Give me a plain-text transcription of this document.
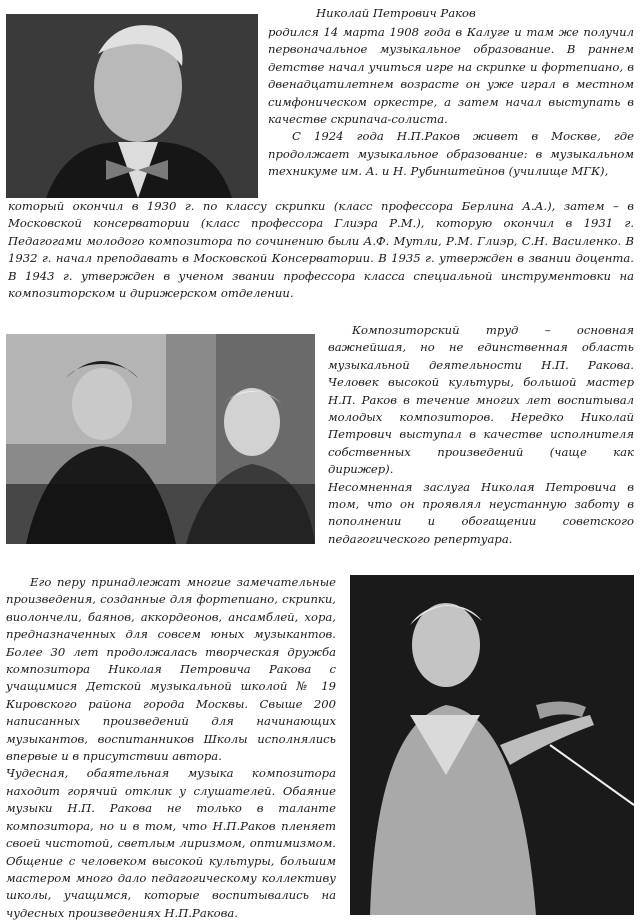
Николай Петрович Раков

родился 14 марта 1908 года в Калуге и там же получил первоначальное музыкальное образование. В раннем детстве начал учиться игре на скрипке и фортепиано, в двенадцатилетнем возрасте он уже играл в местном симфоническом оркестре, а затем начал выступать в качестве скрипача-солиста.

С 1924 года Н.П.Раков живет в Москве, где продолжает музыкальное образование: в музыкальном техникуме им. А. и Н. Рубинштейнов (училище МГК),

который окончил в 1930 г. по классу скрипки (класс профессора Берлина А.А.), затем – в Московской консерватории (класс профессора Глиэра Р.М.), которую окончил в 1931 г. Педагогами молодого композитора по сочинению были А.Ф. Мутли, Р.М. Глиэр, С.Н. Василенко. В 1932 г. начал преподавать в Московской Консерватории. В 1935 г. утвержден в звании доцента. В 1943 г. утвержден в ученом звании профессора класса специальной инструментовки на композиторском и дирижерском отделении.

Композиторский труд – основная важнейшая, но не единственная область музыкальной деятельности Н.П. Ракова. Человек высокой культуры, большой мастер Н.П. Раков в течение многих лет воспитывал молодых композиторов. Нередко Николай Петрович выступал в качестве исполнителя собственных произведений (чаще как дирижер).

Несомненная заслуга Николая Петровича в том, что он проявлял неустанную заботу в пополнении и обогащении советского педагогического репертуара.

Его перу принадлежат многие замечательные произведения, созданные для фортепиано, скрипки, виолончели, баянов, аккордеонов, ансамблей, хора, предназначенных для совсем юных музыкантов. Более 30 лет продолжалась творческая дружба композитора Николая Петровича Ракова с учащимися Детской музыкальной школой № 19 Кировского района города Москвы. Свыше 200 написанных произведений для начинающих музыкантов, воспитанников Школы исполнялись впервые и в присутствии автора.

Чудесная, обаятельная музыка композитора находит горячий отклик у слушателей. Обаяние музыки Н.П. Ракова не только в таланте композитора, но и в том, что Н.П.Раков пленяет своей чистотой, светлым лиризмом, оптимизмом. Общение с человеком высокой культуры, большим мастером много дало педагогическому коллективу школы, учащимся, которые воспитывались на чудесных произведениях Н.П.Ракова.
